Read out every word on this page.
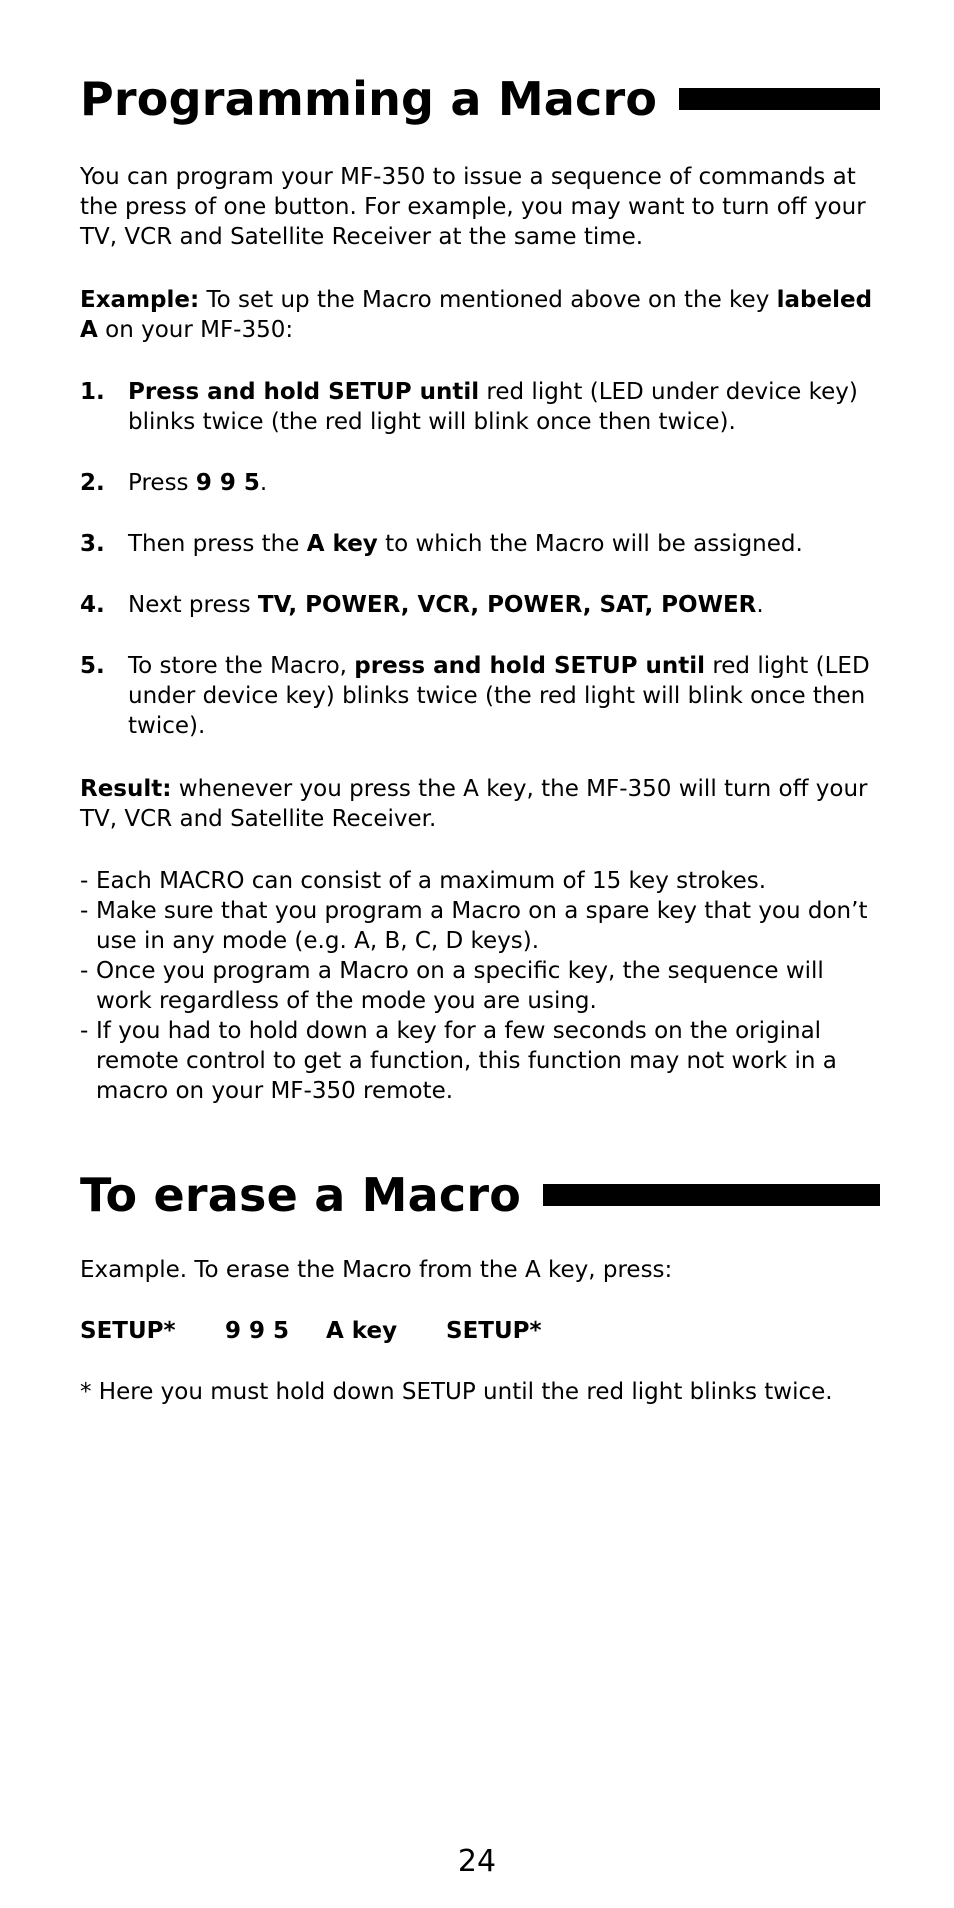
Programming a Macro

You can program your MF-350 to issue a sequence of commands at the press of one button. For example, you may want to turn off your TV, VCR and Satellite Receiver at the same time.

Example: To set up the Macro mentioned above on the key labeled A on your MF-350:

1.	Press and hold SETUP until red light (LED under device key) blinks twice (the red light will blink once then twice).
2.	Press 9 9 5.
3.	Then press the A key to which the Macro will be assigned.
4.	Next press TV, POWER, VCR, POWER, SAT, POWER.
5.	To store the Macro, press and hold SETUP until red light (LED under device key) blinks twice (the red light will blink once then twice).

Result: whenever you press the A key, the MF-350 will turn off your TV, VCR and Satellite Receiver.

- Each MACRO can consist of a maximum of 15 key strokes.
- Make sure that you program a Macro on a spare key that you don’t use in any mode (e.g. A, B, C, D keys).
- Once you program a Macro on a specific key, the sequence will work regardless of the mode you are using.
- If you had to hold down a key for a few seconds on the original remote control to get a function, this function may not work in a macro on your MF-350 remote.
To erase a Macro

Example. To erase the Macro from the A key, press:

SETUP* 9 9 5 A key SETUP*

* Here you must hold down SETUP until the red light blinks twice.

24
